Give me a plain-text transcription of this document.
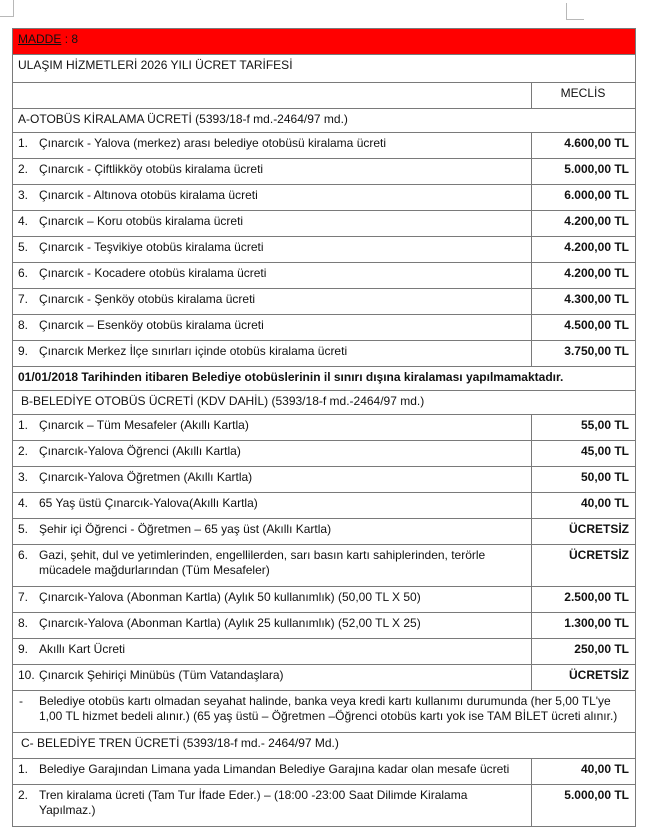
MADDE : 8	
ULAŞIM HİZMETLERİ 2026 YILI ÜCRET TARİFESİ	

	MECLİS

A-OTOBÜS KİRALAMA ÜCRETİ (5393/18-f md.-2464/97 md.)	

1. Çınarcık - Yalova (merkez) arası belediye otobüsü kiralama ücreti	4.600,00 TL

2. Çınarcık - Çiftlikköy otobüs kiralama ücreti	5.000,00 TL

3. Çınarcık - Altınova otobüs kiralama ücreti	6.000,00 TL

4. Çınarcık – Koru otobüs kiralama ücreti	4.200,00 TL

5. Çınarcık - Teşvikiye otobüs kiralama ücreti	4.200,00 TL

6. Çınarcık - Kocadere otobüs kiralama ücreti	4.200,00 TL

7. Çınarcık - Şenköy otobüs kiralama ücreti	4.300,00 TL

8. Çınarcık – Esenköy otobüs kiralama ücreti	4.500,00 TL

9. Çınarcık Merkez İlçe sınırları içinde otobüs kiralama ücreti	3.750,00 TL

01/01/2018 Tarihinden itibaren Belediye otobüslerinin il sınırı dışına kiralaması yapılmamaktadır.	
B-BELEDİYE OTOBÜS ÜCRETİ (KDV DAHİL) (5393/18-f md.-2464/97 md.)	

1. Çınarcık – Tüm Mesafeler (Akıllı Kartla)	55,00 TL

2. Çınarcık-Yalova Öğrenci (Akıllı Kartla)	45,00 TL

3. Çınarcık-Yalova Öğretmen (Akıllı Kartla)	50,00 TL

4. 65 Yaş üstü Çınarcık-Yalova(Akıllı Kartla)	40,00 TL

5. Şehir içi Öğrenci - Öğretmen – 65 yaş üst (Akıllı Kartla)	ÜCRETSİZ

6. Gazi, şehit, dul ve yetimlerinden, engellilerden, sarı basın kartı sahiplerinden, terörle mücadele mağdurlarından (Tüm Mesafeler)	ÜCRETSİZ

7. Çınarcık-Yalova (Abonman Kartla) (Aylık 50 kullanımlık) (50,00 TL X 50)	2.500,00 TL

8. Çınarcık-Yalova (Abonman Kartla) (Aylık 25 kullanımlık) (52,00 TL X 25)	1.300,00 TL

9. Akıllı Kart Ücreti	250,00 TL

10. Çınarcık Şehiriçi Minübüs (Tüm Vatandaşlara)	ÜCRETSİZ

- Belediye otobüs kartı olmadan seyahat halinde, banka veya kredi kartı kullanımı durumunda (her 5,00 TL'ye 1,00 TL hizmet bedeli alınır.) (65 yaş üstü – Öğretmen –Öğrenci otobüs kartı yok ise TAM BİLET ücreti alınır.)	

C- BELEDİYE TREN ÜCRETİ (5393/18-f md.- 2464/97 Md.)	

1. Belediye Garajından Limana yada Limandan Belediye Garajına kadar olan mesafe ücreti	40,00 TL

2. Tren kiralama ücreti (Tam Tur İfade Eder.) – (18:00 -23:00 Saat Dilimde Kiralama Yapılmaz.)	5.000,00 TL
